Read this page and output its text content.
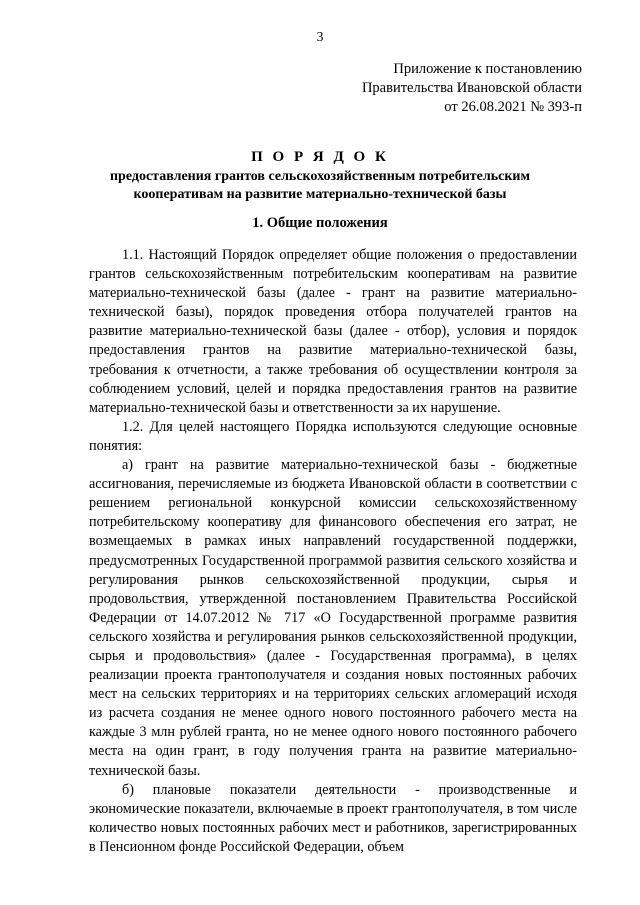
3
Приложение к постановлению
Правительства Ивановской области
от 26.08.2021 № 393-п
П О Р Я Д О К
предоставления грантов сельскохозяйственным потребительским
кооперативам на развитие материально-технической базы
1. Общие положения

1.1. Настоящий Порядок определяет общие положения о предоставлении грантов сельскохозяйственным потребительским кооперативам на развитие материально-технической базы (далее - грант на развитие материально-технической базы), порядок проведения отбора получателей грантов на развитие материально-технической базы (далее - отбор), условия и порядок предоставления грантов на развитие материально-технической базы, требования к отчетности, а также требования об осуществлении контроля за соблюдением условий, целей и порядка предоставления грантов на развитие материально-технической базы и ответственности за их нарушение.

1.2. Для целей настоящего Порядка используются следующие основные понятия:

а) грант на развитие материально-технической базы - бюджетные ассигнования, перечисляемые из бюджета Ивановской области в соответствии с решением региональной конкурсной комиссии сельскохозяйственному потребительскому кооперативу для финансового обеспечения его затрат, не возмещаемых в рамках иных направлений государственной поддержки, предусмотренных Государственной программой развития сельского хозяйства и регулирования рынков сельскохозяйственной продукции, сырья и продовольствия, утвержденной постановлением Правительства Российской Федерации от 14.07.2012 № 717 «О Государственной программе развития сельского хозяйства и регулирования рынков сельскохозяйственной продукции, сырья и продовольствия» (далее - Государственная программа), в целях реализации проекта грантополучателя и создания новых постоянных рабочих мест на сельских территориях и на территориях сельских агломераций исходя из расчета создания не менее одного нового постоянного рабочего места на каждые 3 млн рублей гранта, но не менее одного нового постоянного рабочего места на один грант, в году получения гранта на развитие материально-технической базы.

б) плановые показатели деятельности - производственные и экономические показатели, включаемые в проект грантополучателя, в том числе количество новых постоянных рабочих мест и работников, зарегистрированных в Пенсионном фонде Российской Федерации, объем
